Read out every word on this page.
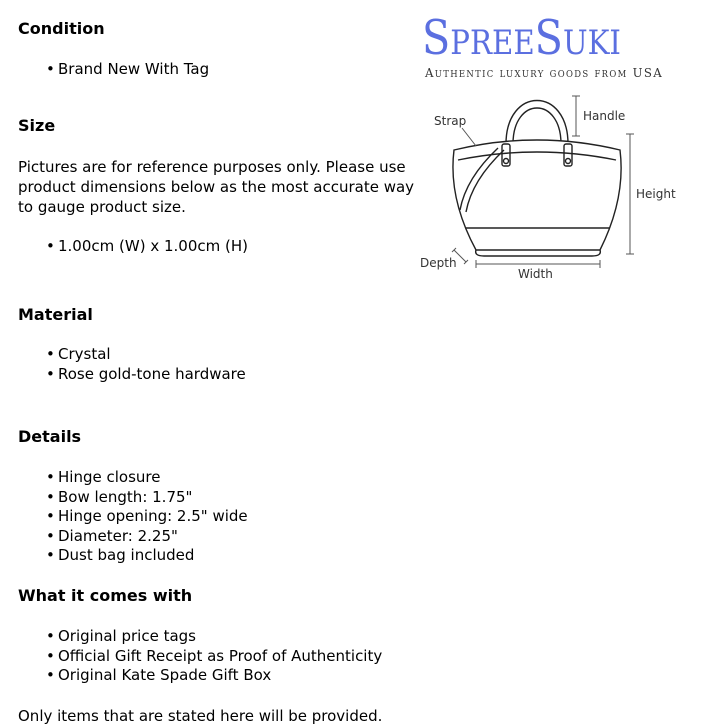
Condition
• Brand New With Tag
Size

Pictures are for reference purposes only. Please use product dimensions below as the most accurate way to gauge product size.

• 1.00cm (W) x 1.00cm (H)
Material
• Crystal
• Rose gold-tone hardware
Details
• Hinge closure
• Bow length: 1.75"
• Hinge opening: 2.5" wide
• Diameter: 2.25"
• Dust bag included
What it comes with
• Original price tags
• Official Gift Receipt as Proof of Authenticity
• Original Kate Spade Gift Box

Only items that are stated here will be provided.

SpreeSuki
Authentic luxury goods from USA
Strap	Handle
Height
Depth
Width
